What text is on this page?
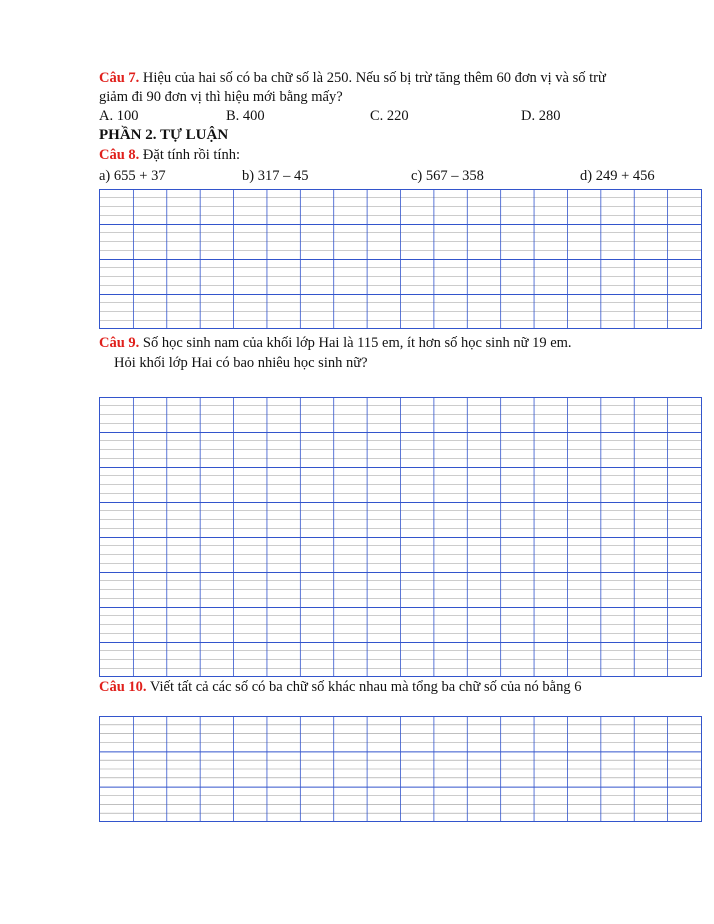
Câu 7. Hiệu của hai số có ba chữ số là 250. Nếu số bị trừ tăng thêm 60 đơn vị và số trừ
giảm đi 90 đơn vị thì hiệu mới bằng mấy?
A. 100	B. 400	C. 220	D. 280
PHẦN 2. TỰ LUẬN
Câu 8. Đặt tính rồi tính:
a) 655 + 37	b) 317 – 45	c) 567 – 358	d) 249 + 456
Câu 9. Số học sinh nam của khối lớp Hai là 115 em, ít hơn số học sinh nữ 19 em.
Hỏi khối lớp Hai có bao nhiêu học sinh nữ?
Câu 10. Viết tất cả các số có ba chữ số khác nhau mà tổng ba chữ số của nó bằng 6
